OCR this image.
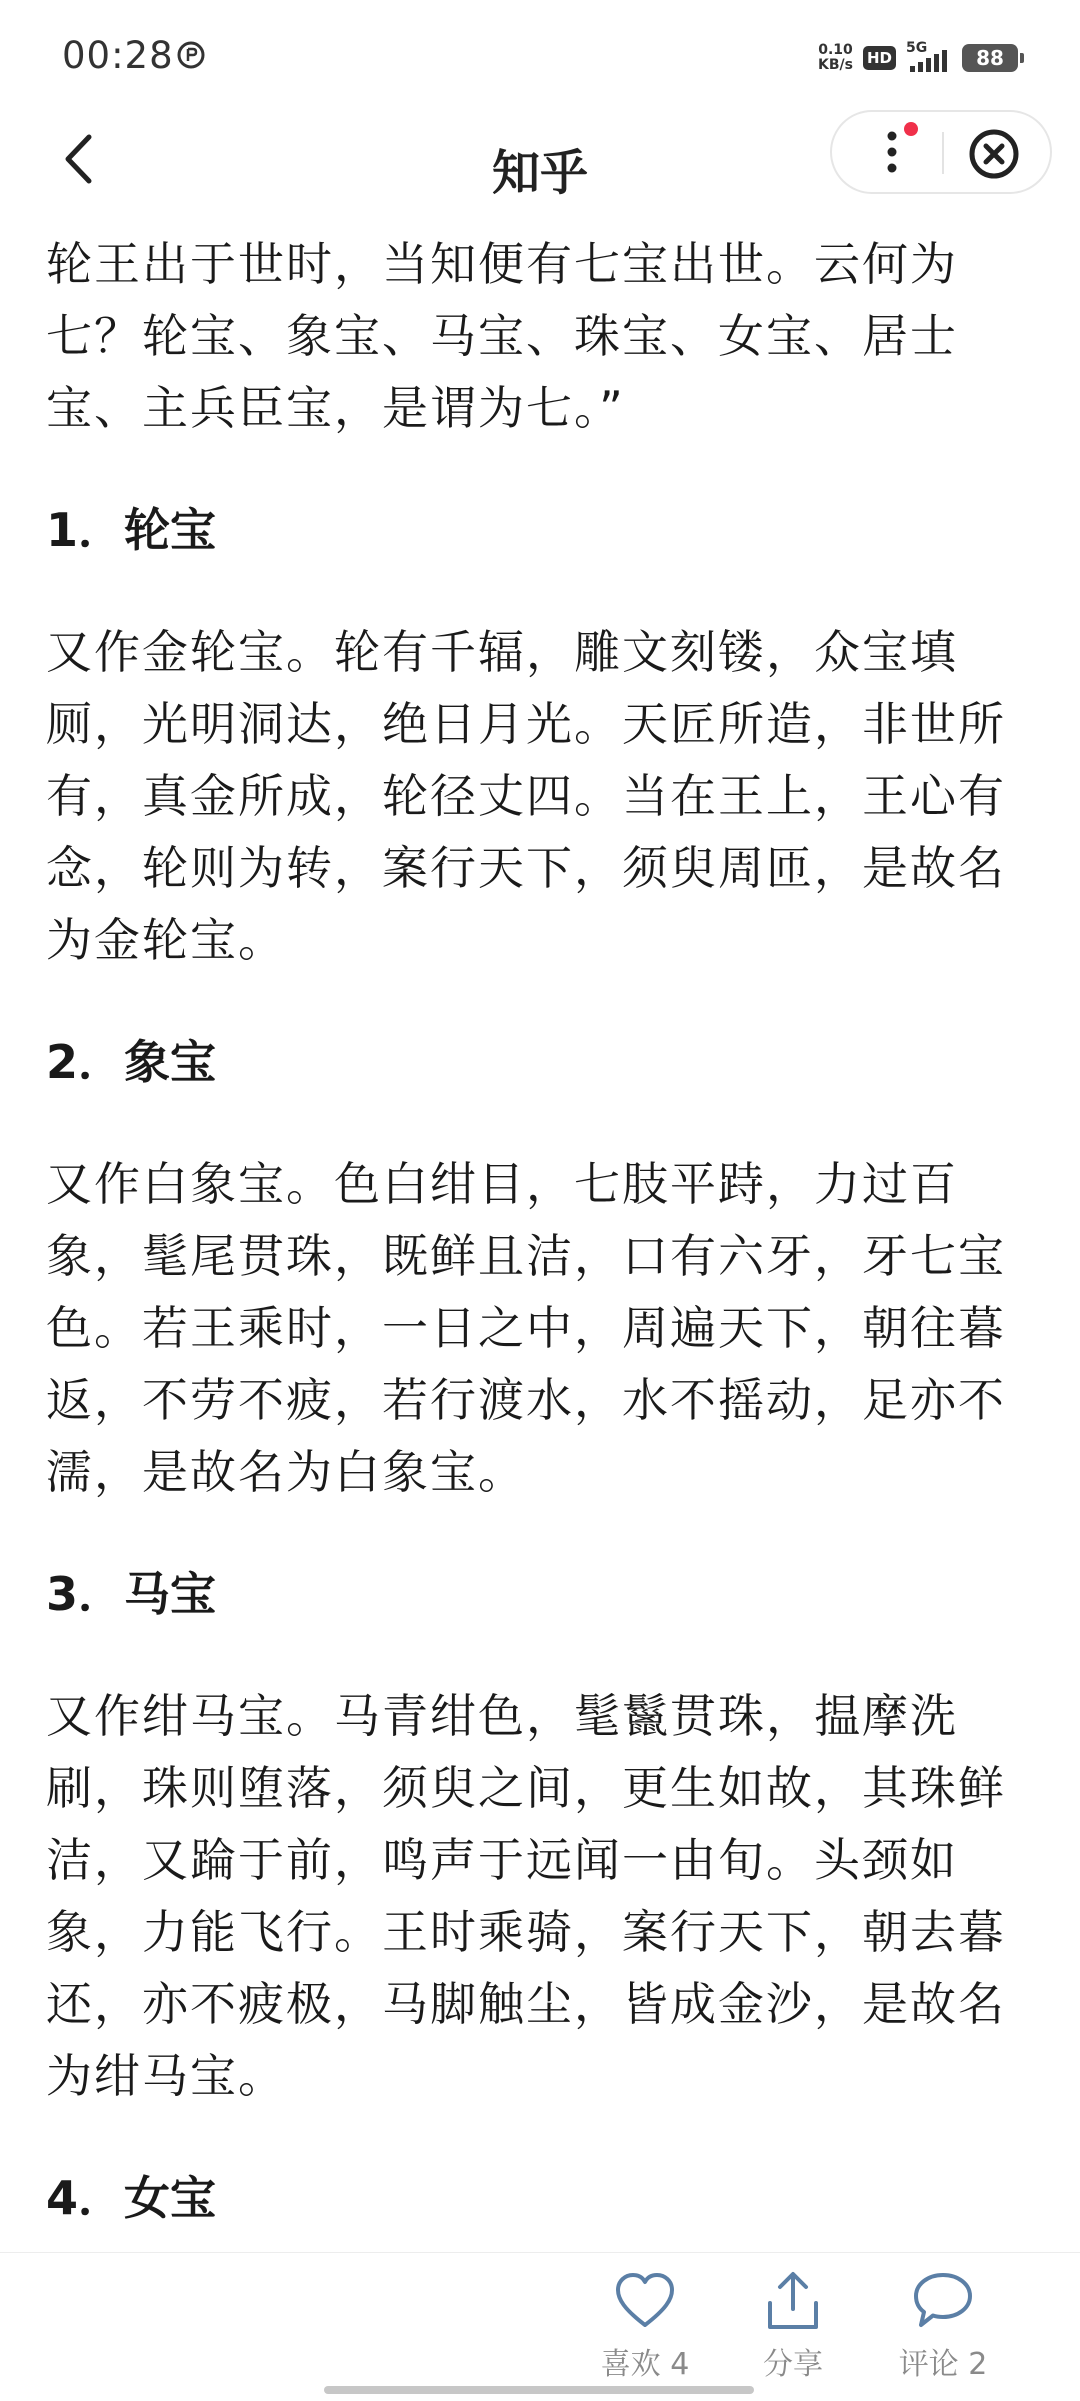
00:28	0.10
KB/s HD
5G	88
知乎

轮王出于世时，当知便有七宝出世。云何为七？轮宝、象宝、马宝、珠宝、女宝、居士宝、主兵臣宝，是谓为七。”

1．轮宝

又作金轮宝。轮有千辐，雕文刻镂，众宝填厕，光明洞达，绝日月光。天匠所造，非世所有，真金所成，轮径丈四。当在王上，王心有念，轮则为转，案行天下，须臾周匝，是故名为金轮宝。

2．象宝

又作白象宝。色白绀目，七肢平跱，力过百象，髦尾贯珠，既鲜且洁，口有六牙，牙七宝色。若王乘时，一日之中，周遍天下，朝往暮返，不劳不疲，若行渡水，水不摇动，足亦不濡，是故名为白象宝。

3．马宝

又作绀马宝。马青绀色，髦鬣贯珠，揾摩洗刷，珠则堕落，须臾之间，更生如故，其珠鲜洁，又踚于前，鸣声于远闻一由旬。头颈如象，力能飞行。王时乘骑，案行天下，朝去暮还，亦不疲极，马脚触尘，皆成金沙，是故名为绀马宝。

4．女宝
喜欢 4 分享	评论 2
